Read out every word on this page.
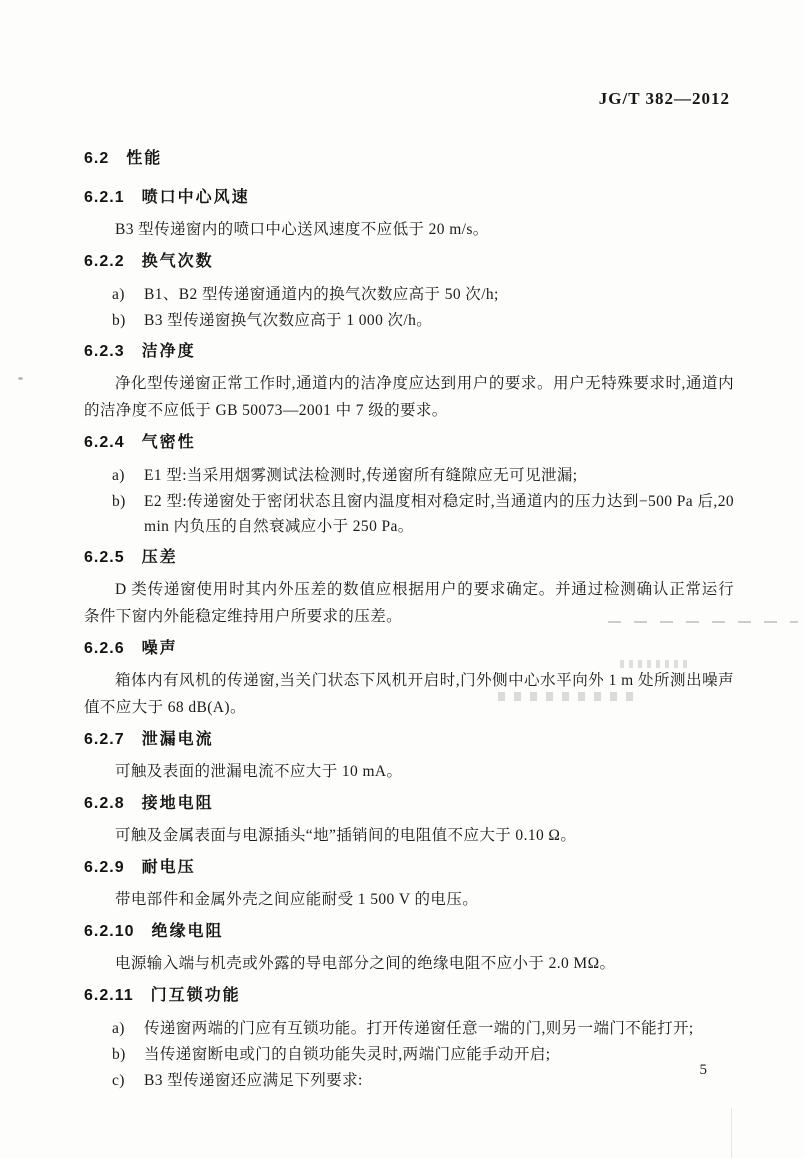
JG/T 382—2012
6.2 性能
6.2.1 喷口中心风速

B3 型传递窗内的喷口中心送风速度不应低于 20 m/s。

6.2.2 换气次数
a) B1、B2 型传递窗通道内的换气次数应高于 50 次/h;
b) B3 型传递窗换气次数应高于 1 000 次/h。
6.2.3 洁净度

净化型传递窗正常工作时,通道内的洁净度应达到用户的要求。用户无特殊要求时,通道内的洁净度不应低于 GB 50073—2001 中 7 级的要求。

6.2.4 气密性
a) E1 型:当采用烟雾测试法检测时,传递窗所有缝隙应无可见泄漏;
b) E2 型:传递窗处于密闭状态且窗内温度相对稳定时,当通道内的压力达到−500 Pa 后,20 min 内负压的自然衰减应小于 250 Pa。
6.2.5 压差

D 类传递窗使用时其内外压差的数值应根据用户的要求确定。并通过检测确认正常运行条件下窗内外能稳定维持用户所要求的压差。

6.2.6 噪声

箱体内有风机的传递窗,当关门状态下风机开启时,门外侧中心水平向外 1 m 处所测出噪声值不应大于 68 dB(A)。

6.2.7 泄漏电流

可触及表面的泄漏电流不应大于 10 mA。

6.2.8 接地电阻

可触及金属表面与电源插头“地”插销间的电阻值不应大于 0.10 Ω。

6.2.9 耐电压

带电部件和金属外壳之间应能耐受 1 500 V 的电压。

6.2.10 绝缘电阻

电源输入端与机壳或外露的导电部分之间的绝缘电阻不应小于 2.0 MΩ。

6.2.11 门互锁功能
a) 传递窗两端的门应有互锁功能。打开传递窗任意一端的门,则另一端门不能打开;
b) 当传递窗断电或门的自锁功能失灵时,两端门应能手动开启;
c) B3 型传递窗还应满足下列要求:
5
